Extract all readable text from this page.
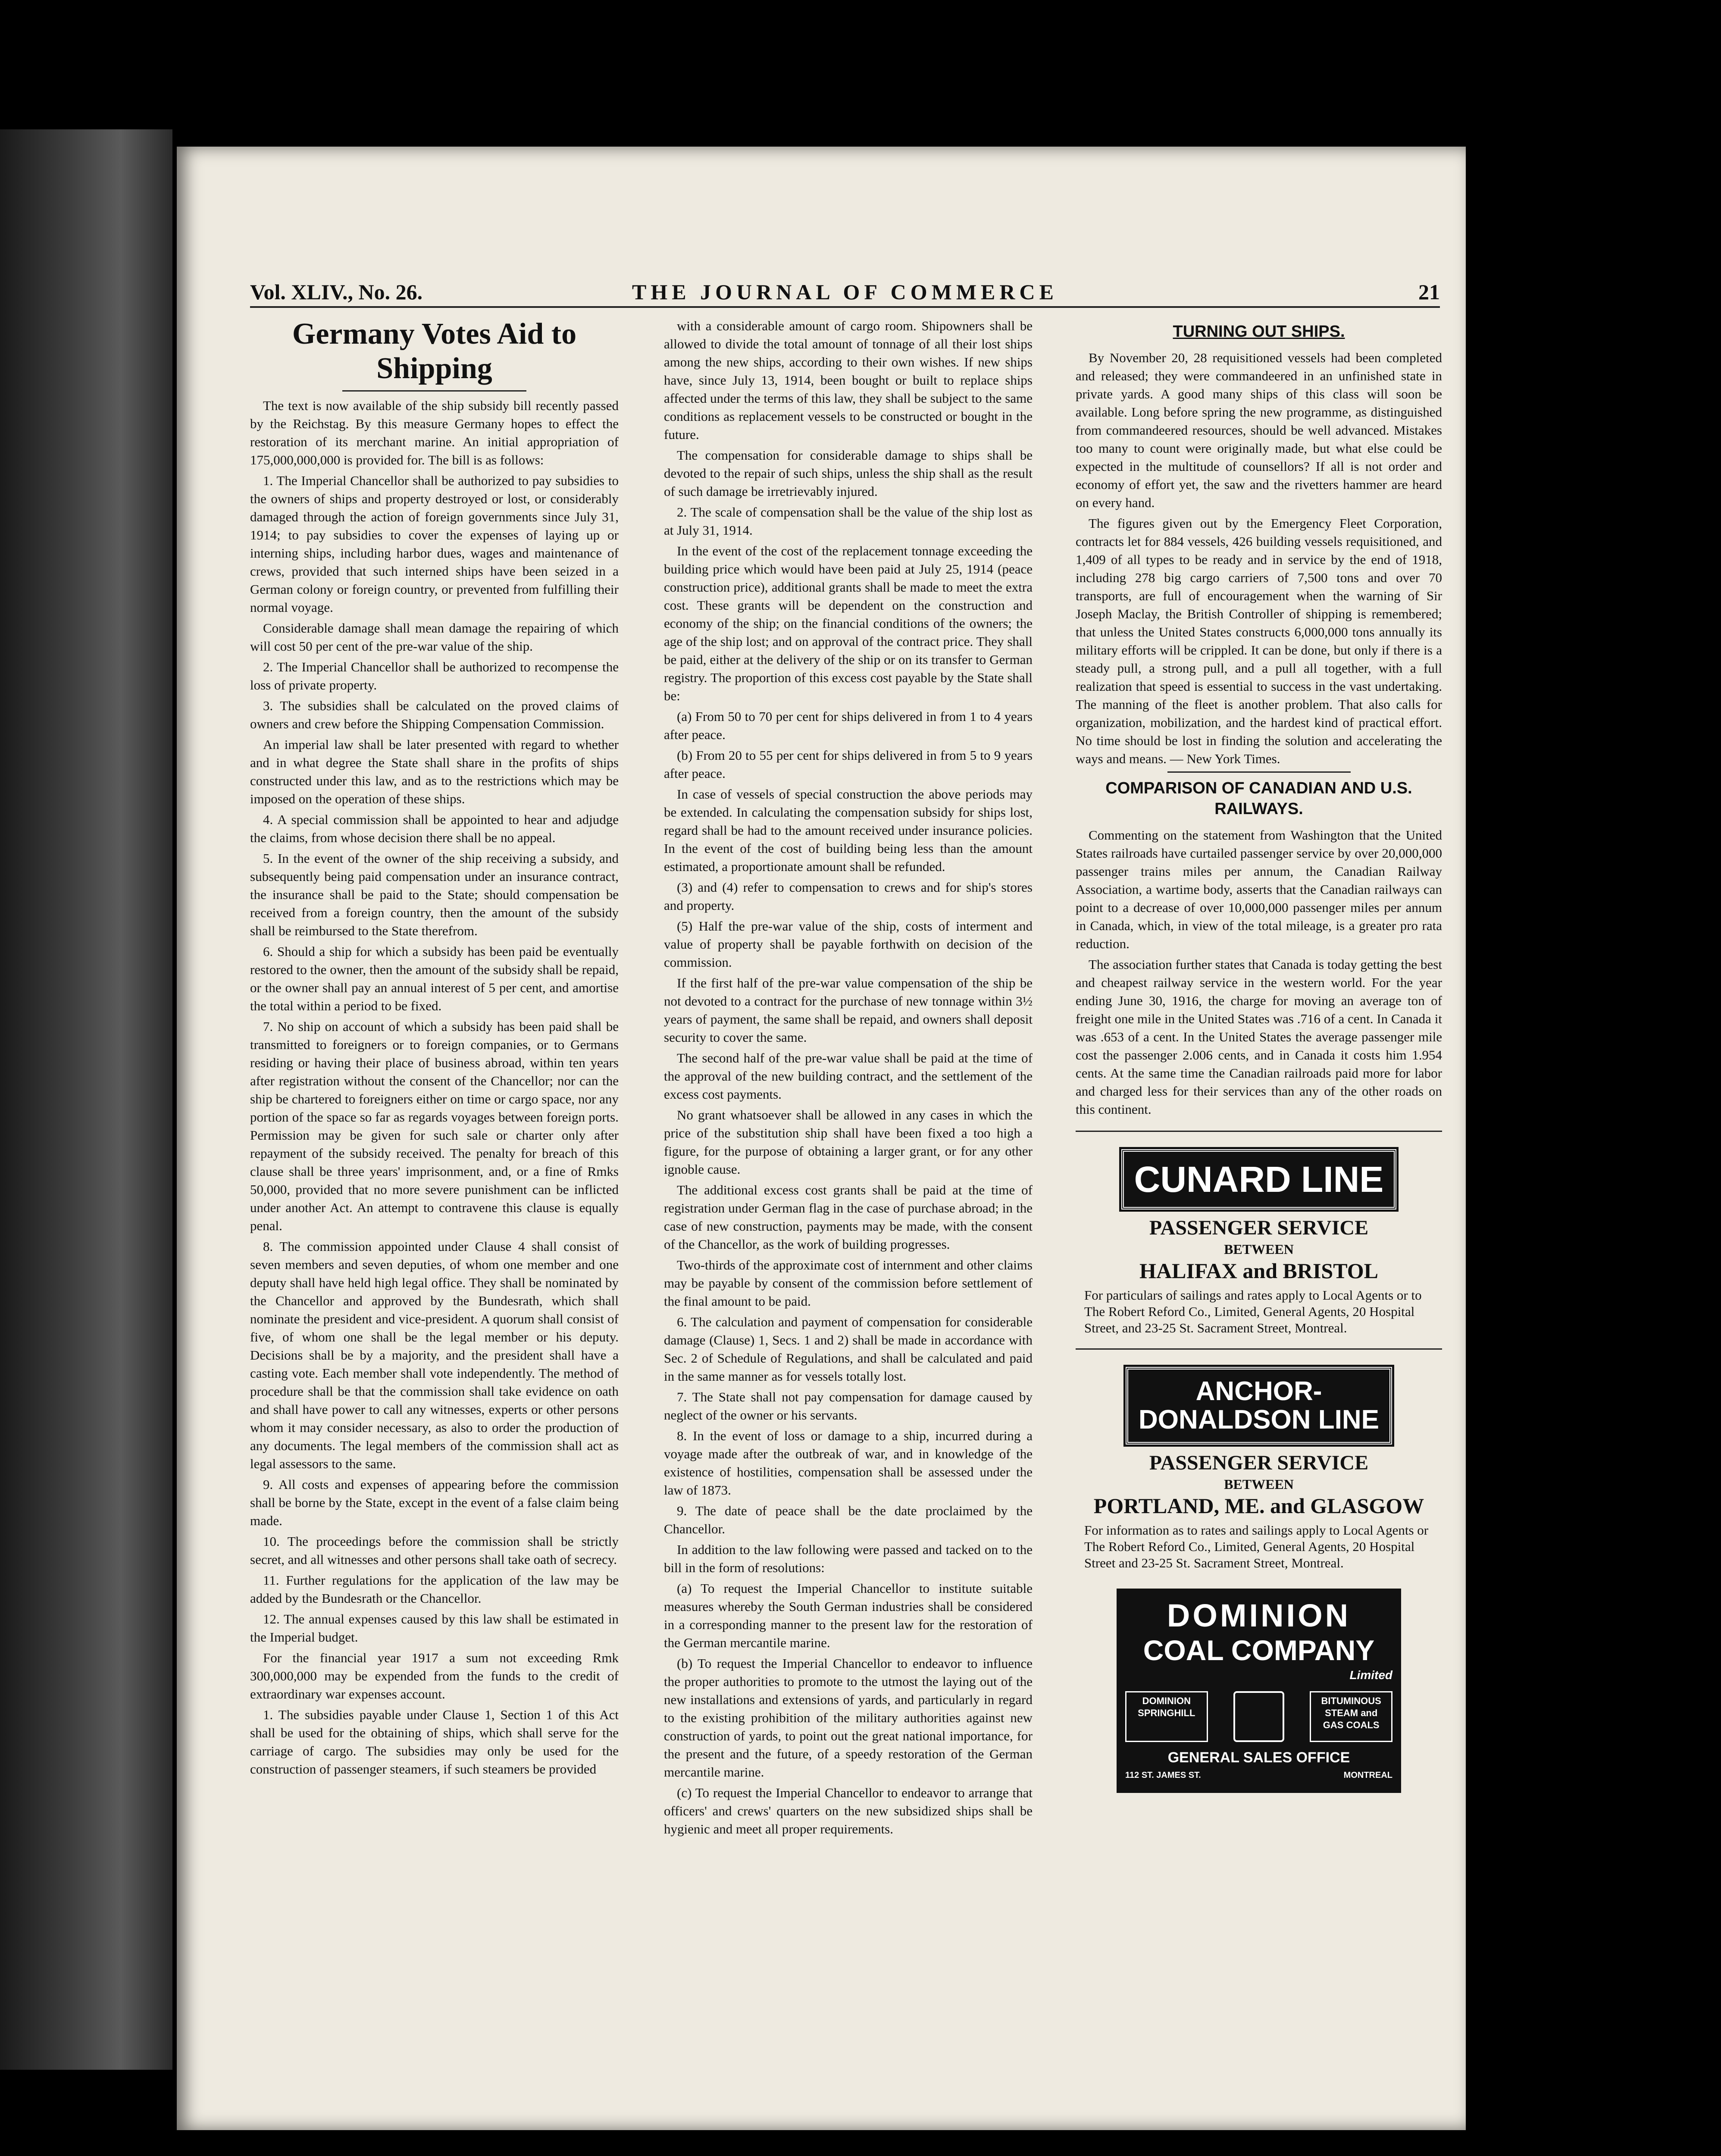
Vol. XLIV., No. 26.	THE JOURNAL OF COMMERCE	21
Germany Votes Aid to Shipping

The text is now available of the ship subsidy bill recently passed by the Reichstag. By this measure Germany hopes to effect the restoration of its merchant marine. An initial appropriation of 175,000,000,000 is provided for. The bill is as follows:

1. The Imperial Chancellor shall be authorized to pay subsidies to the owners of ships and property destroyed or lost, or considerably damaged through the action of foreign governments since July 31, 1914; to pay subsidies to cover the expenses of laying up or interning ships, including harbor dues, wages and maintenance of crews, provided that such interned ships have been seized in a German colony or foreign country, or prevented from fulfilling their normal voyage.

Considerable damage shall mean damage the repairing of which will cost 50 per cent of the pre-war value of the ship.

2. The Imperial Chancellor shall be authorized to recompense the loss of private property.

3. The subsidies shall be calculated on the proved claims of owners and crew before the Shipping Compensation Commission.

An imperial law shall be later presented with regard to whether and in what degree the State shall share in the profits of ships constructed under this law, and as to the restrictions which may be imposed on the operation of these ships.

4. A special commission shall be appointed to hear and adjudge the claims, from whose decision there shall be no appeal.

5. In the event of the owner of the ship receiving a subsidy, and subsequently being paid compensation under an insurance contract, the insurance shall be paid to the State; should compensation be received from a foreign country, then the amount of the subsidy shall be reimbursed to the State therefrom.

6. Should a ship for which a subsidy has been paid be eventually restored to the owner, then the amount of the subsidy shall be repaid, or the owner shall pay an annual interest of 5 per cent, and amortise the total within a period to be fixed.

7. No ship on account of which a subsidy has been paid shall be transmitted to foreigners or to foreign companies, or to Germans residing or having their place of business abroad, within ten years after registration without the consent of the Chancellor; nor can the ship be chartered to foreigners either on time or cargo space, nor any portion of the space so far as regards voyages between foreign ports. Permission may be given for such sale or charter only after repayment of the subsidy received. The penalty for breach of this clause shall be three years' imprisonment, and, or a fine of Rmks 50,000, provided that no more severe punishment can be inflicted under another Act. An attempt to contravene this clause is equally penal.

8. The commission appointed under Clause 4 shall consist of seven members and seven deputies, of whom one member and one deputy shall have held high legal office. They shall be nominated by the Chancellor and approved by the Bundesrath, which shall nominate the president and vice-president. A quorum shall consist of five, of whom one shall be the legal member or his deputy. Decisions shall be by a majority, and the president shall have a casting vote. Each member shall vote independently. The method of procedure shall be that the commission shall take evidence on oath and shall have power to call any witnesses, experts or other persons whom it may consider necessary, as also to order the production of any documents. The legal members of the commission shall act as legal assessors to the same.

9. All costs and expenses of appearing before the commission shall be borne by the State, except in the event of a false claim being made.

10. The proceedings before the commission shall be strictly secret, and all witnesses and other persons shall take oath of secrecy.

11. Further regulations for the application of the law may be added by the Bundesrath or the Chancellor.

12. The annual expenses caused by this law shall be estimated in the Imperial budget.

For the financial year 1917 a sum not exceeding Rmk 300,000,000 may be expended from the funds to the credit of extraordinary war expenses account.

1. The subsidies payable under Clause 1, Section 1 of this Act shall be used for the obtaining of ships, which shall serve for the carriage of cargo. The subsidies may only be used for the construction of passenger steamers, if such steamers be provided

with a considerable amount of cargo room. Shipowners shall be allowed to divide the total amount of tonnage of all their lost ships among the new ships, according to their own wishes. If new ships have, since July 13, 1914, been bought or built to replace ships affected under the terms of this law, they shall be subject to the same conditions as replacement vessels to be constructed or bought in the future.

The compensation for considerable damage to ships shall be devoted to the repair of such ships, unless the ship shall as the result of such damage be irretrievably injured.

2. The scale of compensation shall be the value of the ship lost as at July 31, 1914.

In the event of the cost of the replacement tonnage exceeding the building price which would have been paid at July 25, 1914 (peace construction price), additional grants shall be made to meet the extra cost. These grants will be dependent on the construction and economy of the ship; on the financial conditions of the owners; the age of the ship lost; and on approval of the contract price. They shall be paid, either at the delivery of the ship or on its transfer to German registry. The proportion of this excess cost payable by the State shall be:

(a) From 50 to 70 per cent for ships delivered in from 1 to 4 years after peace.

(b) From 20 to 55 per cent for ships delivered in from 5 to 9 years after peace.

In case of vessels of special construction the above periods may be extended. In calculating the compensation subsidy for ships lost, regard shall be had to the amount received under insurance policies. In the event of the cost of building being less than the amount estimated, a proportionate amount shall be refunded.

(3) and (4) refer to compensation to crews and for ship's stores and property.

(5) Half the pre-war value of the ship, costs of interment and value of property shall be payable forthwith on decision of the commission.

If the first half of the pre-war value compensation of the ship be not devoted to a contract for the purchase of new tonnage within 3½ years of payment, the same shall be repaid, and owners shall deposit security to cover the same.

The second half of the pre-war value shall be paid at the time of the approval of the new building contract, and the settlement of the excess cost payments.

No grant whatsoever shall be allowed in any cases in which the price of the substitution ship shall have been fixed a too high a figure, for the purpose of obtaining a larger grant, or for any other ignoble cause.

The additional excess cost grants shall be paid at the time of registration under German flag in the case of purchase abroad; in the case of new construction, payments may be made, with the consent of the Chancellor, as the work of building progresses.

Two-thirds of the approximate cost of internment and other claims may be payable by consent of the commission before settlement of the final amount to be paid.

6. The calculation and payment of compensation for considerable damage (Clause) 1, Secs. 1 and 2) shall be made in accordance with Sec. 2 of Schedule of Regulations, and shall be calculated and paid in the same manner as for vessels totally lost.

7. The State shall not pay compensation for damage caused by neglect of the owner or his servants.

8. In the event of loss or damage to a ship, incurred during a voyage made after the outbreak of war, and in knowledge of the existence of hostilities, compensation shall be assessed under the law of 1873.

9. The date of peace shall be the date proclaimed by the Chancellor.

In addition to the law following were passed and tacked on to the bill in the form of resolutions:

(a) To request the Imperial Chancellor to institute suitable measures whereby the South German industries shall be considered in a corresponding manner to the present law for the restoration of the German mercantile marine.

(b) To request the Imperial Chancellor to endeavor to influence the proper authorities to promote to the utmost the laying out of the new installations and extensions of yards, and particularly in regard to the existing prohibition of the military authorities against new construction of yards, to point out the great national importance, for the present and the future, of a speedy restoration of the German mercantile marine.

(c) To request the Imperial Chancellor to endeavor to arrange that officers' and crews' quarters on the new subsidized ships shall be hygienic and meet all proper requirements.

TURNING OUT SHIPS.

By November 20, 28 requisitioned vessels had been completed and released; they were commandeered in an unfinished state in private yards. A good many ships of this class will soon be available. Long before spring the new programme, as distinguished from commandeered resources, should be well advanced. Mistakes too many to count were originally made, but what else could be expected in the multitude of counsellors? If all is not order and economy of effort yet, the saw and the rivetters hammer are heard on every hand.

The figures given out by the Emergency Fleet Corporation, contracts let for 884 vessels, 426 building vessels requisitioned, and 1,409 of all types to be ready and in service by the end of 1918, including 278 big cargo carriers of 7,500 tons and over 70 transports, are full of encouragement when the warning of Sir Joseph Maclay, the British Controller of shipping is remembered; that unless the United States constructs 6,000,000 tons annually its military efforts will be crippled. It can be done, but only if there is a steady pull, a strong pull, and a pull all together, with a full realization that speed is essential to success in the vast undertaking. The manning of the fleet is another problem. That also calls for organization, mobilization, and the hardest kind of practical effort. No time should be lost in finding the solution and accelerating the ways and means. — New York Times.

COMPARISON OF CANADIAN AND U.S. RAILWAYS.

Commenting on the statement from Washington that the United States railroads have curtailed passenger service by over 20,000,000 passenger trains miles per annum, the Canadian Railway Association, a wartime body, asserts that the Canadian railways can point to a decrease of over 10,000,000 passenger miles per annum in Canada, which, in view of the total mileage, is a greater pro rata reduction.

The association further states that Canada is today getting the best and cheapest railway service in the western world. For the year ending June 30, 1916, the charge for moving an average ton of freight one mile in the United States was .716 of a cent. In Canada it was .653 of a cent. In the United States the average passenger mile cost the passenger 2.006 cents, and in Canada it costs him 1.954 cents. At the same time the Canadian railroads paid more for labor and charged less for their services than any of the other roads on this continent.

CUNARD LINE
PASSENGER SERVICE
BETWEEN
HALIFAX and BRISTOL
For particulars of sailings and rates apply to Local Agents or to The Robert Reford Co., Limited, General Agents, 20 Hospital Street, and 23-25 St. Sacrament Street, Montreal.
ANCHOR-
DONALDSON LINE
PASSENGER SERVICE
BETWEEN
PORTLAND, ME. and GLASGOW
For information as to rates and sailings apply to Local Agents or The Robert Reford Co., Limited, General Agents, 20 Hospital Street and 23-25 St. Sacrament Street, Montreal.
DOMINION
COAL COMPANY
Limited
DOMINION SPRINGHILL
BITUMINOUS STEAM and GAS COALS
GENERAL SALES OFFICE
112 ST. JAMES ST.	MONTREAL
